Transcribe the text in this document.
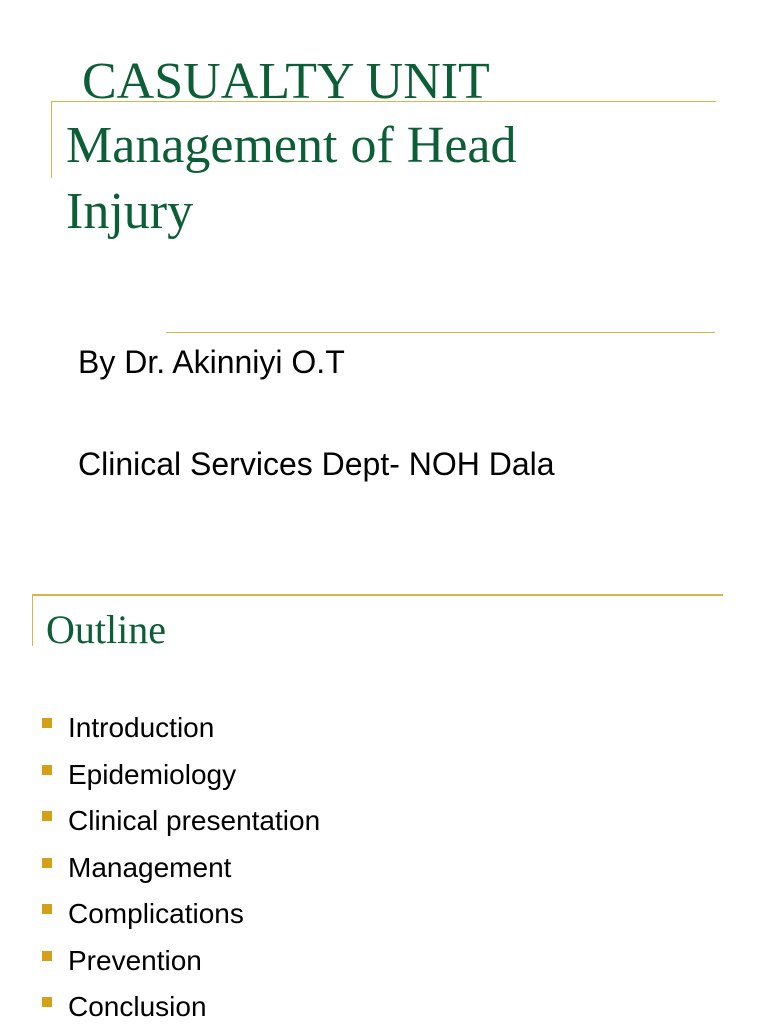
CASUALTY UNIT
Management of Head
Injury
By Dr. Akinniyi O.T
Clinical Services Dept- NOH Dala
Outline
Introduction
Epidemiology
Clinical presentation
Management
Complications
Prevention
Conclusion
